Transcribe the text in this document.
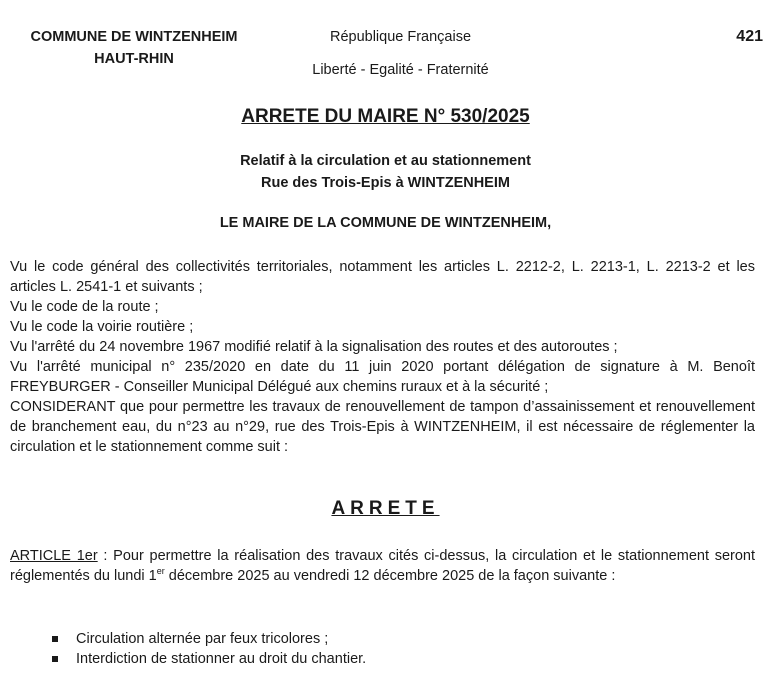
COMMUNE DE WINTZENHEIM
HAUT-RHIN
République Française
Liberté - Egalité - Fraternité
421
ARRETE DU MAIRE N° 530/2025
Relatif à la circulation et au stationnement
Rue des Trois-Epis à WINTZENHEIM
LE MAIRE DE LA COMMUNE DE WINTZENHEIM,

Vu le code général des collectivités territoriales, notamment les articles L. 2212-2, L. 2213-1, L. 2213-2 et les articles L. 2541-1 et suivants ;

Vu le code de la route ;

Vu le code la voirie routière ;

Vu l'arrêté du 24 novembre 1967 modifié relatif à la signalisation des routes et des autoroutes ;

Vu l'arrêté municipal n° 235/2020 en date du 11 juin 2020 portant délégation de signature à M. Benoît FREYBURGER - Conseiller Municipal Délégué aux chemins ruraux et à la sécurité ;

CONSIDERANT que pour permettre les travaux de renouvellement de tampon d’assainissement et renouvellement de branchement eau, du n°23 au n°29, rue des Trois-Epis à WINTZENHEIM, il est nécessaire de réglementer la circulation et le stationnement comme suit :

ARRETE
ARTICLE 1er : Pour permettre la réalisation des travaux cités ci-dessus, la circulation et le stationnement seront réglementés du lundi 1er décembre 2025 au vendredi 12 décembre 2025 de la façon suivante :
Circulation alternée par feux tricolores ;
Interdiction de stationner au droit du chantier.
